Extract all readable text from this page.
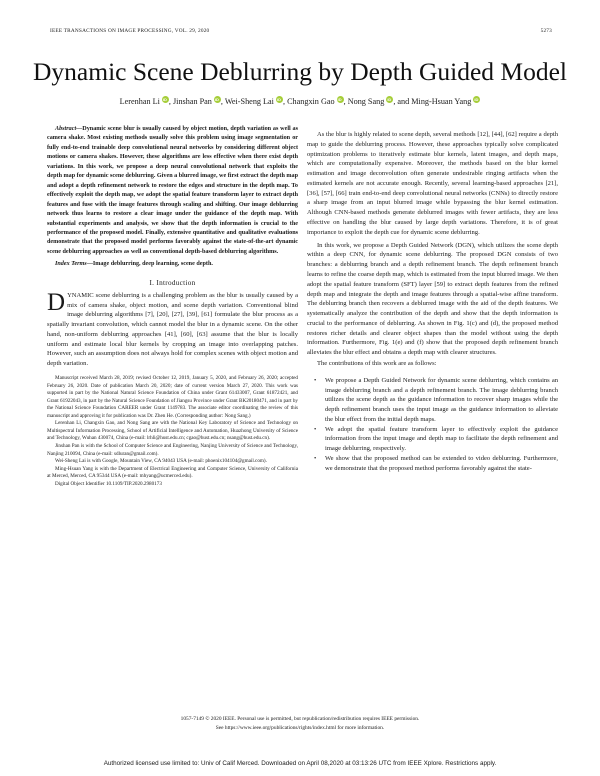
IEEE TRANSACTIONS ON IMAGE PROCESSING, VOL. 29, 2020	5273
Dynamic Scene Deblurring by Depth Guided Model
Lerenhan Li iD , Jinshan Pan iD , Wei-Sheng Lai iD , Changxin Gao iD , Nong Sang iD , and Ming-Hsuan YangiD
Abstract—Dynamic scene blur is usually caused by object motion, depth variation as well as camera shake. Most existing methods usually solve this problem using image segmentation or fully end-to-end trainable deep convolutional neural networks by considering different object motions or camera shakes. However, these algorithms are less effective when there exist depth variations. In this work, we propose a deep neural convolutional network that exploits the depth map for dynamic scene deblurring. Given a blurred image, we first extract the depth map and adopt a depth refinement network to restore the edges and structure in the depth map. To effectively exploit the depth map, we adopt the spatial feature transform layer to extract depth features and fuse with the image features through scaling and shifting. Our image deblurring network thus learns to restore a clear image under the guidance of the depth map. With substantial experiments and analysis, we show that the depth information is crucial to the performance of the proposed model. Finally, extensive quantitative and qualitative evaluations demonstrate that the proposed model performs favorably against the state-of-the-art dynamic scene deblurring approaches as well as conventional depth-based deblurring algorithms.
Index Terms—Image deblurring, deep learning, scene depth.
I. Introduction

DYNAMIC scene deblurring is a challenging problem as the blur is usually caused by a mix of camera shake, object motion, and scene depth variation. Conventional blind image deblurring algorithms [7], [20], [27], [39], [61] formulate the blur process as a spatially invariant convolution, which cannot model the blur in a dynamic scene. On the other hand, non-uniform deblurring approaches [41], [60], [63] assume that the blur is locally uniform and estimate local blur kernels by cropping an image into overlapping patches. However, such an assumption does not always hold for complex scenes with object motion and depth variation.

Manuscript received March 28, 2019; revised October 12, 2019, January 5, 2020, and February 26, 2020; accepted February 26, 2020. Date of publication March 20, 2020; date of current version March 27, 2020. This work was supported in part by the National Natural Science Foundation of China under Grant 61433007, Grant 61872421, and Grant 61922043, in part by the Natural Science Foundation of Jiangsu Province under Grant BK20180471, and in part by the National Science Foundation CAREER under Grant 1149783. The associate editor coordinating the review of this manuscript and approving it for publication was Dr. Zhen He. (Corresponding author: Nong Sang.)

Lerenhan Li, Changxin Gao, and Nong Sang are with the National Key Laboratory of Science and Technology on Multispectral Information Processing, School of Artificial Intelligence and Automation, Huazhong University of Science and Technology, Wuhan 430074, China (e-mail: lrhli@hust.edu.cn; cgao@hust.edu.cn; nsang@hust.edu.cn).

Jinshan Pan is with the School of Computer Science and Engineering, Nanjing University of Science and Technology, Nanjing 210094, China (e-mail: sdluran@gmail.com).

Wei-Sheng Lai is with Google, Mountain View, CA 94043 USA (e-mail: phoenix104104@gmail.com).

Ming-Hsuan Yang is with the Department of Electrical Engineering and Computer Science, University of California at Merced, Merced, CA 95344 USA (e-mail: mhyang@ucmerced.edu).

Digital Object Identifier 10.1109/TIP.2020.2980173

As the blur is highly related to scene depth, several methods [12], [44], [62] require a depth map to guide the deblurring process. However, these approaches typically solve complicated optimization problems to iteratively estimate blur kernels, latent images, and depth maps, which are computationally expensive. Moreover, the methods based on the blur kernel estimation and image deconvolution often generate undesirable ringing artifacts when the estimated kernels are not accurate enough. Recently, several learning-based approaches [21], [36], [57], [66] train end-to-end deep convolutional neural networks (CNNs) to directly restore a sharp image from an input blurred image while bypassing the blur kernel estimation. Although CNN-based methods generate deblurred images with fewer artifacts, they are less effective on handling the blur caused by large depth variations. Therefore, it is of great importance to exploit the depth cue for dynamic scene deblurring.

In this work, we propose a Depth Guided Network (DGN), which utilizes the scene depth within a deep CNN, for dynamic scene deblurring. The proposed DGN consists of two branches: a deblurring branch and a depth refinement branch. The depth refinement branch learns to refine the coarse depth map, which is estimated from the input blurred image. We then adopt the spatial feature transform (SFT) layer [59] to extract depth features from the refined depth map and integrate the depth and image features through a spatial-wise affine transform. The deblurring branch then recovers a deblurred image with the aid of the depth features. We systematically analyze the contribution of the depth and show that the depth information is crucial to the performance of deblurring. As shown in Fig. 1(c) and (d), the proposed method restores richer details and clearer object shapes than the model without using the depth information. Furthermore, Fig. 1(e) and (f) show that the proposed depth refinement branch alleviates the blur effect and obtains a depth map with clearer structures.

The contributions of this work are as follows:

• We propose a Depth Guided Network for dynamic scene deblurring, which contains an image deblurring branch and a depth refinement branch. The image deblurring branch utilizes the scene depth as the guidance information to recover sharp images while the depth refinement branch uses the input image as the guidance information to alleviate the blur effect from the initial depth maps.
• We adopt the spatial feature transform layer to effectively exploit the guidance information from the input image and depth map to facilitate the depth refinement and image deblurring, respectively.
• We show that the proposed method can be extended to video deblurring. Furthermore, we demonstrate that the proposed method performs favorably against the state-
1057-7149 © 2020 IEEE. Personal use is permitted, but republication/redistribution requires IEEE permission.
See https://www.ieee.org/publications/rights/index.html for more information.
Authorized licensed use limited to: Univ of Calif Merced. Downloaded on April 08,2020 at 03:13:26 UTC from IEEE Xplore. Restrictions apply.
